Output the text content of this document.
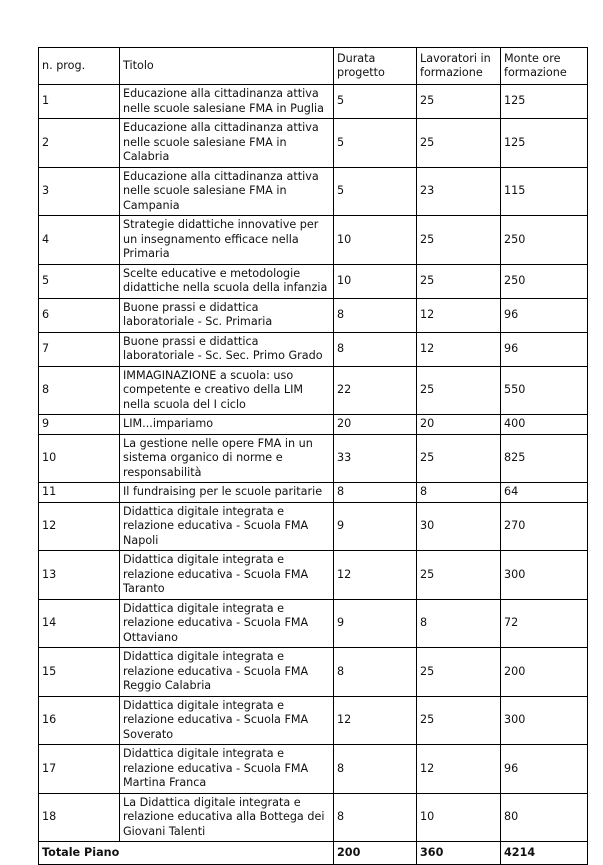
n. prog.	Titolo	Durata progetto	Lavoratori in formazione	Monte ore formazione
1	Educazione alla cittadinanza attiva nelle scuole salesiane FMA in Puglia	5	25	125
2	Educazione alla cittadinanza attiva nelle scuole salesiane FMA in Calabria	5	25	125
3	Educazione alla cittadinanza attiva nelle scuole salesiane FMA in Campania	5	23	115
4	Strategie didattiche innovative per un insegnamento efficace nella Primaria	10	25	250
5	Scelte educative e metodologie didattiche nella scuola della infanzia	10	25	250
6	Buone prassi e didattica laboratoriale - Sc. Primaria	8	12	96
7	Buone prassi e didattica laboratoriale - Sc. Sec. Primo Grado	8	12	96
8	IMMAGINAZIONE a scuola: uso competente e creativo della LIM nella scuola del I ciclo	22	25	550
9	LIM...impariamo	20	20	400
10	La gestione nelle opere FMA in un sistema organico di norme e responsabilità	33	25	825
11	Il fundraising per le scuole paritarie	8	8	64
12	Didattica digitale integrata e relazione educativa - Scuola FMA Napoli	9	30	270
13	Didattica digitale integrata e relazione educativa - Scuola FMA Taranto	12	25	300
14	Didattica digitale integrata e relazione educativa - Scuola FMA Ottaviano	9	8	72
15	Didattica digitale integrata e relazione educativa - Scuola FMA Reggio Calabria	8	25	200
16	Didattica digitale integrata e relazione educativa - Scuola FMA Soverato	12	25	300
17	Didattica digitale integrata e relazione educativa - Scuola FMA Martina Franca	8	12	96
18	La Didattica digitale integrata e relazione educativa alla Bottega dei Giovani Talenti	8	10	80
Totale Piano		200	360	4214
